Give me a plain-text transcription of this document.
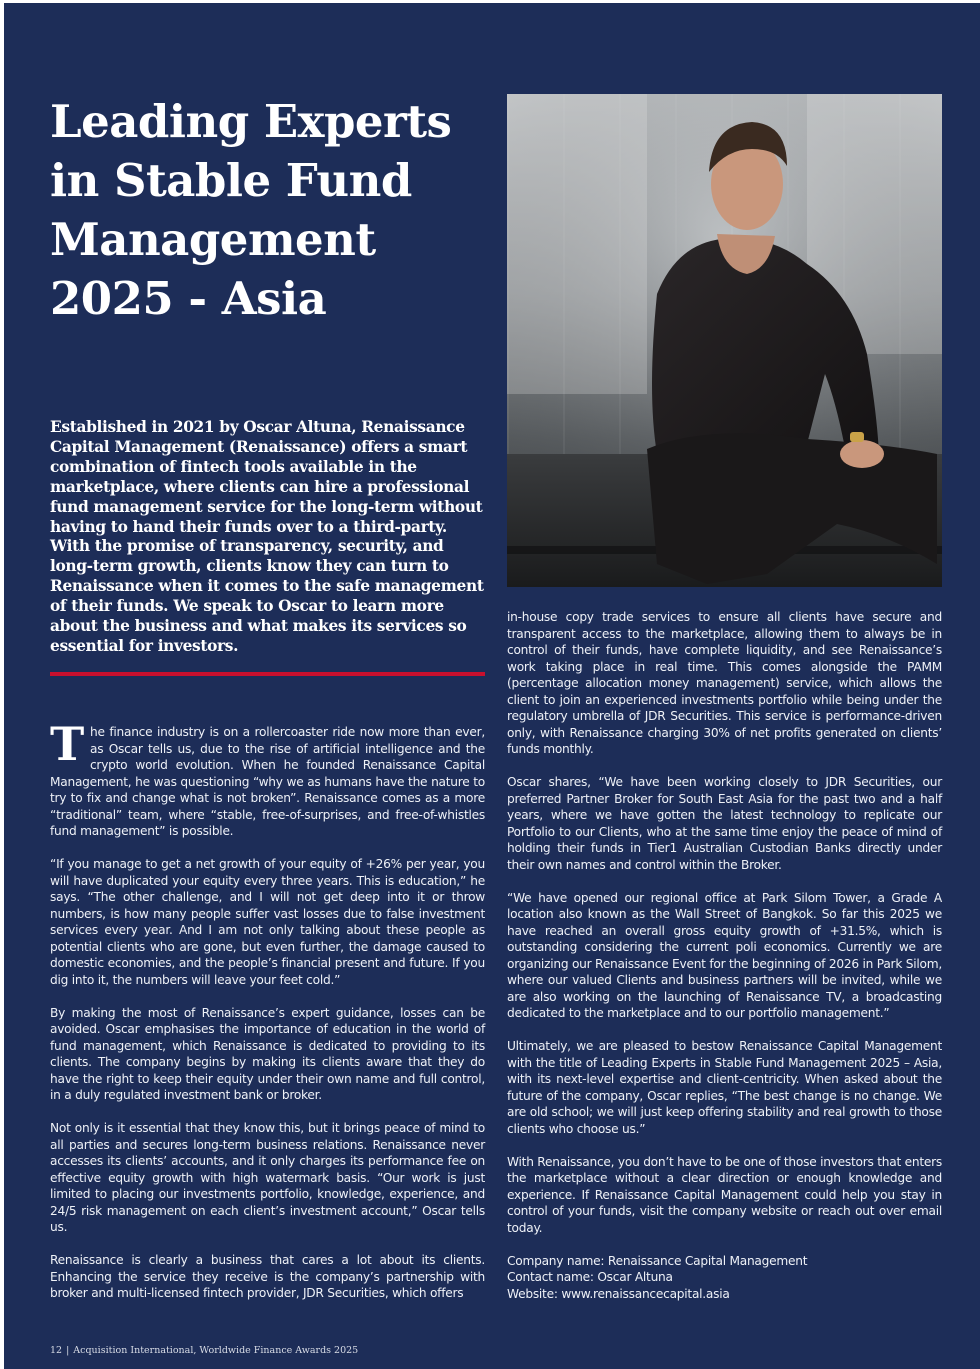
Leading Experts
in Stable Fund
Management
2025 - Asia
Established in 2021 by Oscar Altuna, Renaissance Capital Management (Renaissance) offers a smart combination of fintech tools available in the marketplace, where clients can hire a professional fund management service for the long-term without having to hand their funds over to a third-party. With the promise of transparency, security, and long-term growth, clients know they can turn to Renaissance when it comes to the safe management of their funds. We speak to Oscar to learn more about the business and what makes its services so essential for investors.

The finance industry is on a rollercoaster ride now more than ever, as Oscar tells us, due to the rise of artificial intelligence and the crypto world evolution. When he founded Renaissance Capital Management, he was questioning “why we as humans have the nature to try to fix and change what is not broken”. Renaissance comes as a more “traditional” team, where “stable, free-of-surprises, and free-of-whistles fund management” is possible.

“If you manage to get a net growth of your equity of +26% per year, you will have duplicated your equity every three years. This is education,” he says. “The other challenge, and I will not get deep into it or throw numbers, is how many people suffer vast losses due to false investment services every year. And I am not only talking about these people as potential clients who are gone, but even further, the damage caused to domestic economies, and the people’s financial present and future. If you dig into it, the numbers will leave your feet cold.”

By making the most of Renaissance’s expert guidance, losses can be avoided. Oscar emphasises the importance of education in the world of fund management, which Renaissance is dedicated to providing to its clients. The company begins by making its clients aware that they do have the right to keep their equity under their own name and full control, in a duly regulated investment bank or broker.

Not only is it essential that they know this, but it brings peace of mind to all parties and secures long-term business relations. Renaissance never accesses its clients’ accounts, and it only charges its performance fee on effective equity growth with high watermark basis. “Our work is just limited to placing our investments portfolio, knowledge, experience, and 24/5 risk management on each client’s investment account,” Oscar tells us.

Renaissance is clearly a business that cares a lot about its clients. Enhancing the service they receive is the company’s partnership with broker and multi-licensed fintech provider, JDR Securities, which offers

in-house copy trade services to ensure all clients have secure and transparent access to the marketplace, allowing them to always be in control of their funds, have complete liquidity, and see Renaissance’s work taking place in real time. This comes alongside the PAMM (percentage allocation money management) service, which allows the client to join an experienced investments portfolio while being under the regulatory umbrella of JDR Securities. This service is performance-driven only, with Renaissance charging 30% of net profits generated on clients’ funds monthly.

Oscar shares, “We have been working closely to JDR Securities, our preferred Partner Broker for South East Asia for the past two and a half years, where we have gotten the latest technology to replicate our Portfolio to our Clients, who at the same time enjoy the peace of mind of holding their funds in Tier1 Australian Custodian Banks directly under their own names and control within the Broker.

“We have opened our regional office at Park Silom Tower, a Grade A location also known as the Wall Street of Bangkok. So far this 2025 we have reached an overall gross equity growth of +31.5%, which is outstanding considering the current poli economics. Currently we are organizing our Renaissance Event for the beginning of 2026 in Park Silom, where our valued Clients and business partners will be invited, while we are also working on the launching of Renaissance TV, a broadcasting dedicated to the marketplace and to our portfolio management.”

Ultimately, we are pleased to bestow Renaissance Capital Management with the title of Leading Experts in Stable Fund Management 2025 – Asia, with its next-level expertise and client-centricity. When asked about the future of the company, Oscar replies, “The best change is no change. We are old school; we will just keep offering stability and real growth to those clients who choose us.”

With Renaissance, you don’t have to be one of those investors that enters the marketplace without a clear direction or enough knowledge and experience. If Renaissance Capital Management could help you stay in control of your funds, visit the company website or reach out over email today.

Company name: Renaissance Capital Management
Contact name: Oscar Altuna
Website: www.renaissancecapital.asia
12 | Acquisition International, Worldwide Finance Awards 2025
